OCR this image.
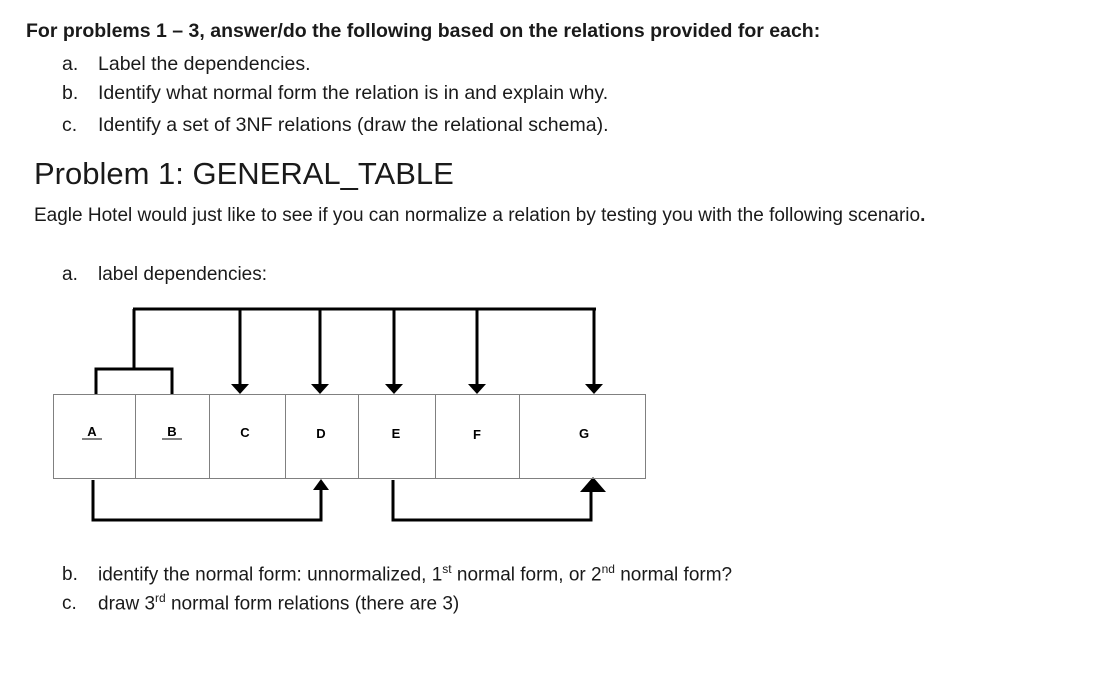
For problems 1 – 3, answer/do the following based on the relations provided for each:
a. Label the dependencies.
b. Identify what normal form the relation is in and explain why.
c. Identify a set of 3NF relations (draw the relational schema).
Problem 1: GENERAL_TABLE
Eagle Hotel would just like to see if you can normalize a relation by testing you with the following scenario.
a. label dependencies:
A	B	C	D	E	F	G
b. identify the normal form: unnormalized, 1st normal form, or 2nd normal form?
c. draw 3rd normal form relations (there are 3)
